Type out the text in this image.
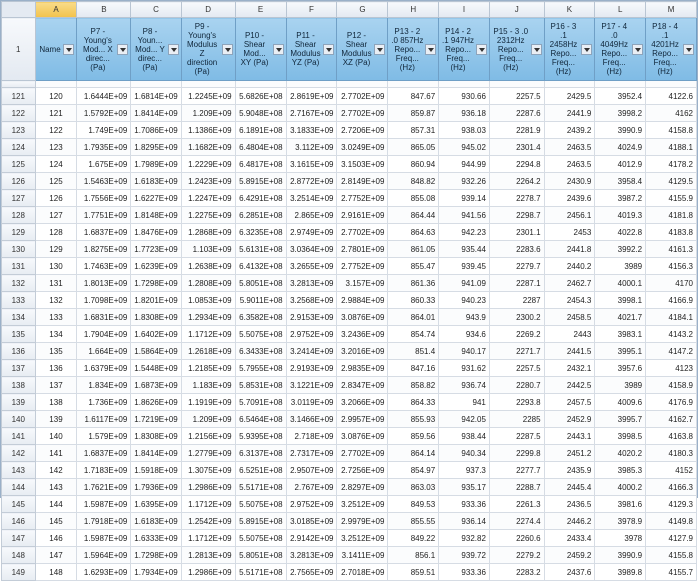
	A	B	C	D	E	F	G	H	I	J	K	L	M
1	Name	P7 - Young's Mod... X direc... (Pa)	P8 - Youn... Mod... Y direc... (Pa)	P9 - Young's Modulus Z direction (Pa)	P10 - Shear Mod... XY (Pa)	P11 - Shear Modulus YZ (Pa)	P12 - Shear Modulus XZ (Pa)	P13 - 2 .0 857Hz Repo... Freq... (Hz)	P14 - 2 .1 947Hz Repo... Freq... (Hz)	P15 - 3 .0 2312Hz Repo... Freq... (Hz)	P16 - 3 .1 2458Hz Repo... Freq... (Hz)	P17 - 4 .0 4049Hz Repo... Freq... (Hz)	P18 - 4 .1 4201Hz Repo... Freq... (Hz)

121	120	1.6444E+09	1.6814E+09	1.2245E+09	5.6826E+08	2.8619E+09	2.7702E+09	847.67	930.66	2257.5	2429.5	3952.4	4122.6
122	121	1.5792E+09	1.8414E+09	1.209E+09	5.9048E+08	2.7167E+09	2.7702E+09	859.87	936.18	2287.6	2441.9	3998.2	4162
123	122	1.749E+09	1.7086E+09	1.1386E+09	6.1891E+08	3.1833E+09	2.7206E+09	857.31	938.03	2281.9	2439.2	3990.9	4158.8
124	123	1.7935E+09	1.8295E+09	1.1682E+09	6.4804E+08	3.112E+09	3.0249E+09	865.05	945.02	2301.4	2463.5	4024.9	4188.1
125	124	1.675E+09	1.7989E+09	1.2229E+09	6.4817E+08	3.1615E+09	3.1503E+09	860.94	944.99	2294.8	2463.5	4012.9	4178.2
126	125	1.5463E+09	1.6183E+09	1.2423E+09	5.8915E+08	2.8772E+09	2.8149E+09	848.82	932.26	2264.2	2430.9	3958.4	4129.5
127	126	1.7556E+09	1.6227E+09	1.2247E+09	6.4291E+08	3.2514E+09	2.7752E+09	855.08	939.14	2278.7	2439.6	3987.2	4155.9
128	127	1.7751E+09	1.8148E+09	1.2275E+09	6.2851E+08	2.865E+09	2.9161E+09	864.44	941.56	2298.7	2456.1	4019.3	4181.8
129	128	1.6837E+09	1.8476E+09	1.2868E+09	6.3235E+08	2.9749E+09	2.7702E+09	864.63	942.23	2301.1	2453	4022.8	4183.8
130	129	1.8275E+09	1.7723E+09	1.103E+09	5.6131E+08	3.0364E+09	2.7801E+09	861.05	935.44	2283.6	2441.8	3992.2	4161.3
131	130	1.7463E+09	1.6239E+09	1.2638E+09	6.4132E+08	3.2655E+09	2.7752E+09	855.47	939.45	2279.7	2440.2	3989	4156.3
132	131	1.8013E+09	1.7298E+09	1.2808E+09	5.8051E+08	3.2813E+09	3.157E+09	861.36	941.09	2287.1	2462.7	4000.1	4170
133	132	1.7098E+09	1.8201E+09	1.0853E+09	5.9011E+08	3.2568E+09	2.9884E+09	860.33	940.23	2287	2454.3	3998.1	4166.9
134	133	1.6831E+09	1.8308E+09	1.2934E+09	6.3582E+08	2.9153E+09	3.0876E+09	864.01	943.9	2300.2	2458.5	4021.7	4184.1
135	134	1.7904E+09	1.6402E+09	1.1712E+09	5.5075E+08	2.9752E+09	3.2436E+09	854.74	934.6	2269.2	2443	3983.1	4143.2
136	135	1.664E+09	1.5864E+09	1.2618E+09	6.3433E+08	3.2414E+09	3.2016E+09	851.4	940.17	2271.7	2441.5	3995.1	4147.2
137	136	1.6379E+09	1.5448E+09	1.2185E+09	5.7955E+08	2.9193E+09	2.9835E+09	847.16	931.62	2257.5	2432.1	3957.6	4123
138	137	1.834E+09	1.6873E+09	1.183E+09	5.8531E+08	3.1221E+09	2.8347E+09	858.82	936.74	2280.7	2442.5	3989	4158.9
139	138	1.736E+09	1.8626E+09	1.1919E+09	5.7091E+08	3.0119E+09	3.2066E+09	864.33	941	2293.8	2457.5	4009.6	4176.9
140	139	1.6117E+09	1.7219E+09	1.209E+09	6.5464E+08	3.1466E+09	2.9957E+09	855.93	942.05	2285	2452.9	3995.7	4162.7
141	140	1.579E+09	1.8308E+09	1.2156E+09	5.9395E+08	2.718E+09	3.0876E+09	859.56	938.44	2287.5	2443.1	3998.5	4163.8
142	141	1.6837E+09	1.8414E+09	1.2779E+09	6.3137E+08	2.7317E+09	2.7702E+09	864.14	940.34	2299.8	2451.2	4020.2	4180.3
143	142	1.7183E+09	1.5918E+09	1.3075E+09	6.5251E+08	2.9507E+09	2.7256E+09	854.97	937.3	2277.7	2435.9	3985.3	4152
144	143	1.7621E+09	1.7936E+09	1.2986E+09	5.5171E+08	2.767E+09	2.8297E+09	863.03	935.17	2288.7	2445.4	4000.2	4166.3
145	144	1.5987E+09	1.6395E+09	1.1712E+09	5.5075E+08	2.9752E+09	3.2512E+09	849.53	933.36	2261.3	2436.5	3981.6	4129.3
146	145	1.7918E+09	1.6183E+09	1.2542E+09	5.8915E+08	3.0185E+09	2.9979E+09	855.55	936.14	2274.4	2446.2	3978.9	4149.8
147	146	1.5987E+09	1.6333E+09	1.1712E+09	5.5075E+08	2.9142E+09	3.2512E+09	849.22	932.82	2260.6	2433.4	3978	4127.9
148	147	1.5964E+09	1.7298E+09	1.2813E+09	5.8051E+08	3.2813E+09	3.1411E+09	856.1	939.72	2279.2	2459.2	3990.9	4155.8
149	148	1.6293E+09	1.7934E+09	1.2986E+09	5.5171E+08	2.7565E+09	2.7018E+09	859.51	933.36	2283.2	2437.6	3989.8	4155.7
